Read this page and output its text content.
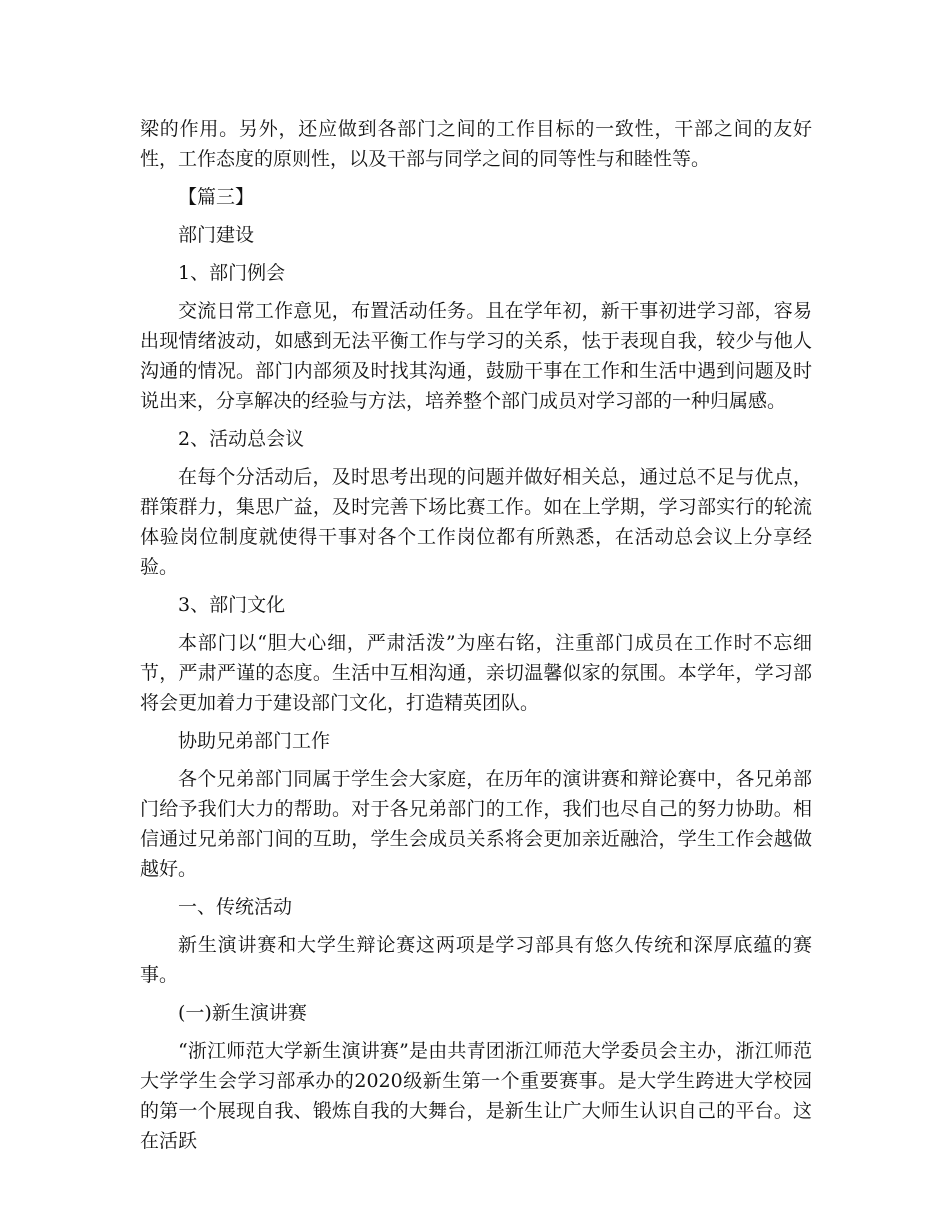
梁的作用。另外，还应做到各部门之间的工作目标的一致性，干部之间的友好性，工作态度的原则性，以及干部与同学之间的同等性与和睦性等。

【篇三】

部门建设

1、部门例会

交流日常工作意见，布置活动任务。且在学年初，新干事初进学习部，容易出现情绪波动，如感到无法平衡工作与学习的关系，怯于表现自我，较少与他人沟通的情况。部门内部须及时找其沟通，鼓励干事在工作和生活中遇到问题及时说出来，分享解决的经验与方法，培养整个部门成员对学习部的一种归属感。

2、活动总会议

在每个分活动后，及时思考出现的问题并做好相关总，通过总不足与优点，群策群力，集思广益，及时完善下场比赛工作。如在上学期，学习部实行的轮流体验岗位制度就使得干事对各个工作岗位都有所熟悉，在活动总会议上分享经验。

3、部门文化

本部门以“胆大心细，严肃活泼”为座右铭，注重部门成员在工作时不忘细节，严肃严谨的态度。生活中互相沟通，亲切温馨似家的氛围。本学年，学习部将会更加着力于建设部门文化，打造精英团队。

协助兄弟部门工作

各个兄弟部门同属于学生会大家庭，在历年的演讲赛和辩论赛中，各兄弟部门给予我们大力的帮助。对于各兄弟部门的工作，我们也尽自己的努力协助。相信通过兄弟部门间的互助，学生会成员关系将会更加亲近融洽，学生工作会越做越好。

一、传统活动

新生演讲赛和大学生辩论赛这两项是学习部具有悠久传统和深厚底蕴的赛事。

(一)新生演讲赛

“浙江师范大学新生演讲赛”是由共青团浙江师范大学委员会主办，浙江师范大学学生会学习部承办的2020级新生第一个重要赛事。是大学生跨进大学校园的第一个展现自我、锻炼自我的大舞台，是新生让广大师生认识自己的平台。这在活跃
